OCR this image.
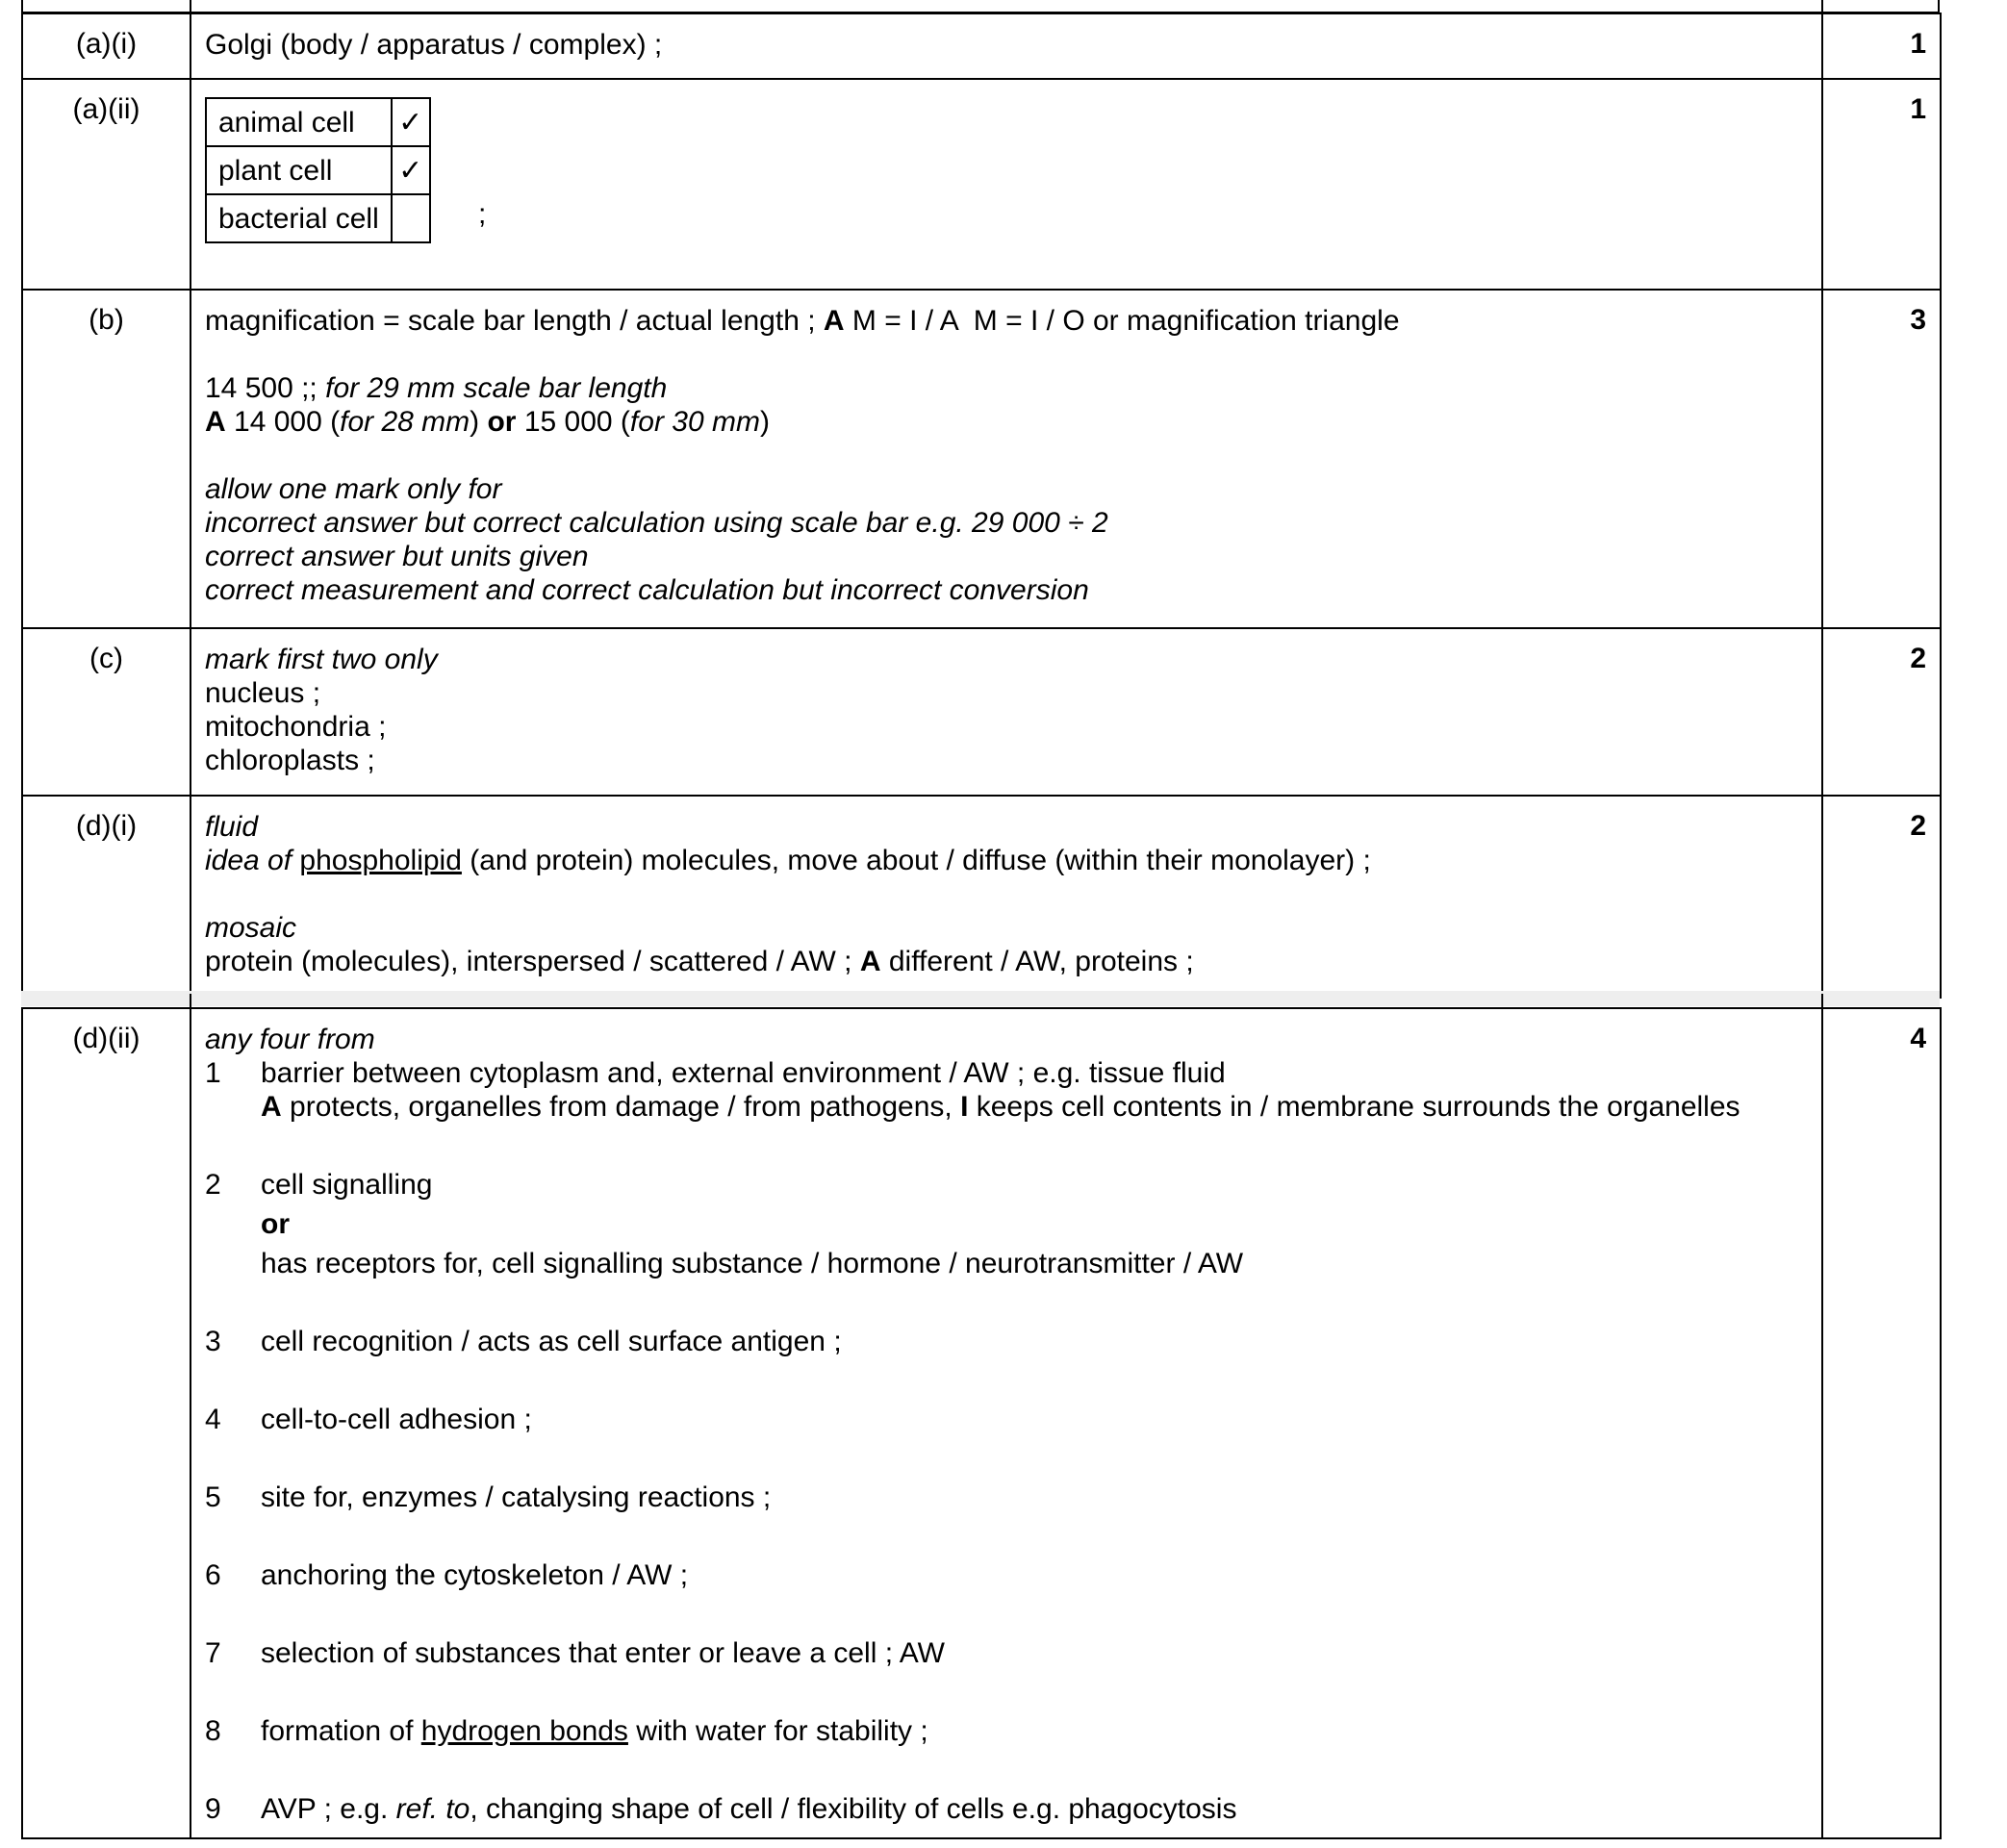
(a)(i)	Golgi (body / apparatus / complex) ;	1
(a)(ii)		animal cell	✓
plant cell	✓
bacterial cell		;	1
(b)	magnification = scale bar length / actual length ; A M = I / A  M = I / O or magnification triangle
14 500 ;; for 29 mm scale bar length
A 14 000 (for 28 mm) or 15 000 (for 30 mm)
allow one mark only for
incorrect answer but correct calculation using scale bar e.g. 29 000 ÷ 2
correct answer but units given
correct measurement and correct calculation but incorrect conversion
	3
(c)	mark first two only
nucleus ;
mitochondria ;
chloroplasts ;
	2
(d)(i)	fluid
idea of phospholipid (and protein) molecules, move about / diffuse (within their monolayer) ;
mosaic
protein (molecules), interspersed / scattered / AW ; A different / AW, proteins ;
	2
(d)(ii)	any four from
1	barrier between cytoplasm and, external environment / AW ; e.g. tissue fluid
A protects, organelles from damage / from pathogens, I keeps cell contents in / membrane surrounds the organelles
2	cell signalling
or
has receptors for, cell signalling substance / hormone / neurotransmitter / AW
3	cell recognition / acts as cell surface antigen ;
4	cell-to-cell adhesion ;
5	site for, enzymes / catalysing reactions ;
6	anchoring the cytoskeleton / AW ;
7	selection of substances that enter or leave a cell ; AW
8	formation of hydrogen bonds with water for stability ;
9	AVP ; e.g. ref. to, changing shape of cell / flexibility of cells e.g. phagocytosis
	4
